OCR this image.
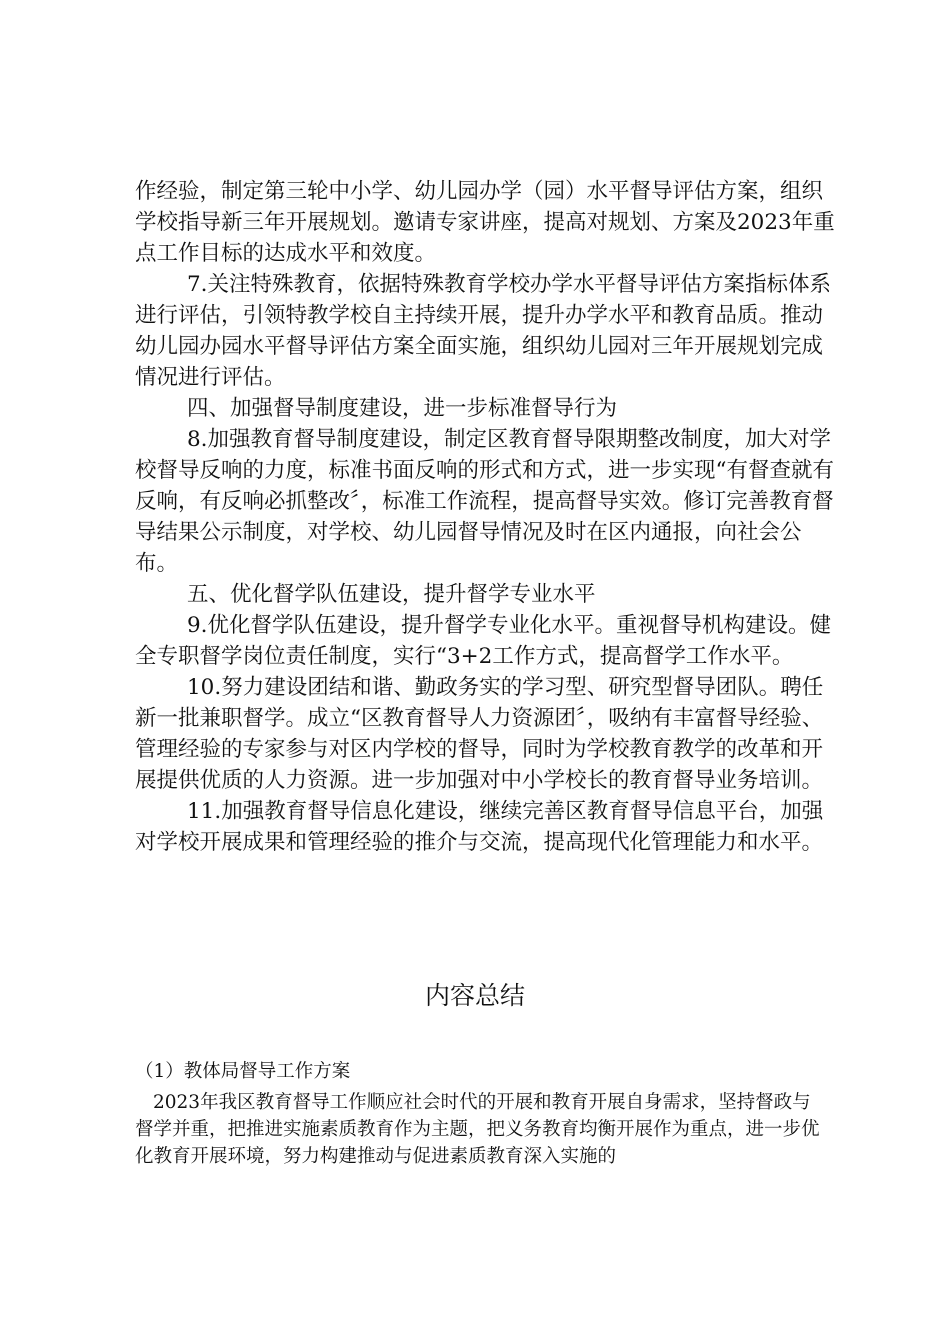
作经验，制定第三轮中小学、幼儿园办学（园）水平督导评估方案，组织学校指导新三年开展规划。邀请专家讲座，提高对规划、方案及2023年重点工作目标的达成水平和效度。

7.关注特殊教育，依据特殊教育学校办学水平督导评估方案指标体系进行评估，引领特教学校自主持续开展，提升办学水平和教育品质。推动幼儿园办园水平督导评估方案全面实施，组织幼儿园对三年开展规划完成情况进行评估。

四、加强督导制度建设，进一步标准督导行为

8.加强教育督导制度建设，制定区教育督导限期整改制度，加大对学校督导反响的力度，标准书面反响的形式和方式，进一步实现“有督查就有反响，有反响必抓整改〞，标准工作流程，提高督导实效。修订完善教育督导结果公示制度，对学校、幼儿园督导情况及时在区内通报，向社会公布。

五、优化督学队伍建设，提升督学专业水平

9.优化督学队伍建设，提升督学专业化水平。重视督导机构建设。健全专职督学岗位责任制度，实行“3+2工作方式，提高督学工作水平。

10.努力建设团结和谐、勤政务实的学习型、研究型督导团队。聘任新一批兼职督学。成立“区教育督导人力资源团〞，吸纳有丰富督导经验、管理经验的专家参与对区内学校的督导，同时为学校教育教学的改革和开展提供优质的人力资源。进一步加强对中小学校长的教育督导业务培训。

11.加强教育督导信息化建设，继续完善区教育督导信息平台，加强对学校开展成果和管理经验的推介与交流，提高现代化管理能力和水平。

内容总结

（1）教体局督导工作方案

2023年我区教育督导工作顺应社会时代的开展和教育开展自身需求，坚持督政与督学并重，把推进实施素质教育作为主题，把义务教育均衡开展作为重点，进一步优化教育开展环境，努力构建推动与促进素质教育深入实施的
